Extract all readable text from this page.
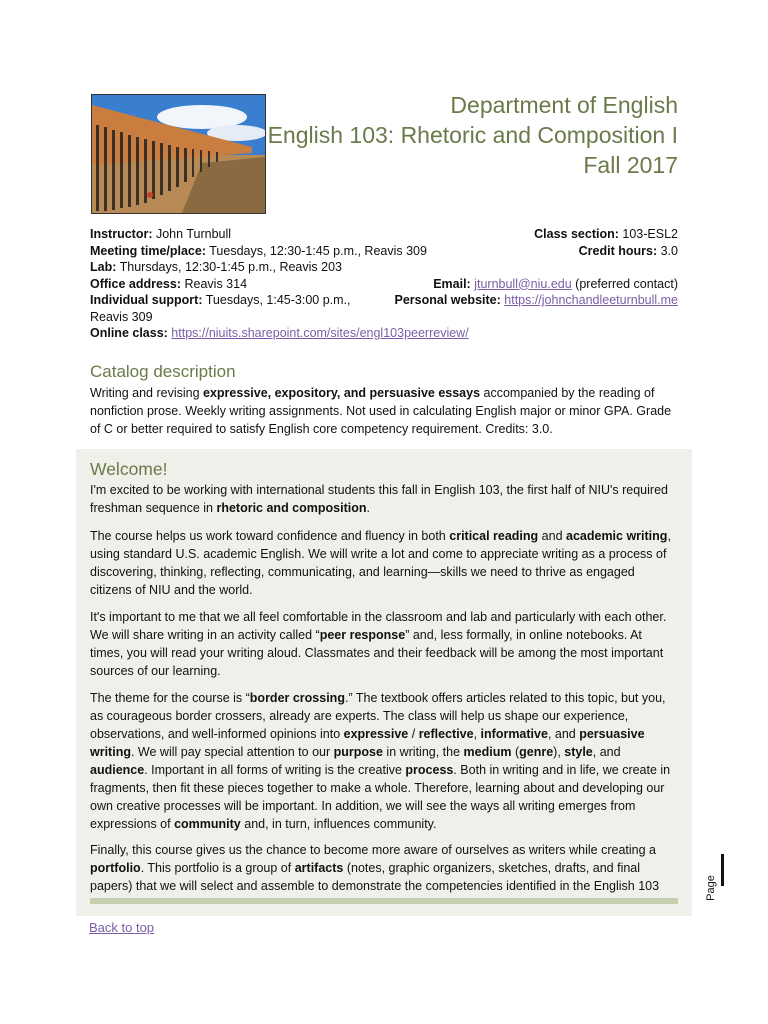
Department of English
English 103: Rhetoric and Composition I
Fall 2017
Instructor: John Turnbull	Class section: 103-ESL2
Meeting time/place: Tuesdays, 12:30-1:45 p.m., Reavis 309	Credit hours: 3.0
Lab: Thursdays, 12:30-1:45 p.m., Reavis 203
Office address: Reavis 314	Email: jturnbull@niu.edu (preferred contact)
Individual support: Tuesdays, 1:45-3:00 p.m.,	Personal website: https://johnchandleeturnbull.me
Reavis 309
Online class: https://niuits.sharepoint.com/sites/engl103peerreview/
Catalog description
Writing and revising expressive, expository, and persuasive essays accompanied by the reading of nonfiction prose. Weekly writing assignments. Not used in calculating English major or minor GPA. Grade of C or better required to satisfy English core competency requirement. Credits: 3.0.
Welcome!
I'm excited to be working with international students this fall in English 103, the first half of NIU's required freshman sequence in rhetoric and composition.
The course helps us work toward confidence and fluency in both critical reading and academic writing, using standard U.S. academic English. We will write a lot and come to appreciate writing as a process of discovering, thinking, reflecting, communicating, and learning—skills we need to thrive as engaged citizens of NIU and the world.
It's important to me that we all feel comfortable in the classroom and lab and particularly with each other. We will share writing in an activity called “peer response” and, less formally, in online notebooks. At times, you will read your writing aloud. Classmates and their feedback will be among the most important sources of our learning.
The theme for the course is “border crossing.” The textbook offers articles related to this topic, but you, as courageous border crossers, already are experts. The class will help us shape our experience, observations, and well-informed opinions into expressive / reflective, informative, and persuasive writing. We will pay special attention to our purpose in writing, the medium (genre), style, and audience. Important in all forms of writing is the creative process. Both in writing and in life, we create in fragments, then fit these pieces together to make a whole. Therefore, learning about and developing our own creative processes will be important. In addition, we will see the ways all writing emerges from expressions of community and, in turn, influences community.
Finally, this course gives us the chance to become more aware of ourselves as writers while creating a portfolio. This portfolio is a group of artifacts (notes, graphic organizers, sketches, drafts, and final papers) that we will select and assemble to demonstrate the competencies identified in the English 103	Page
Back to top
